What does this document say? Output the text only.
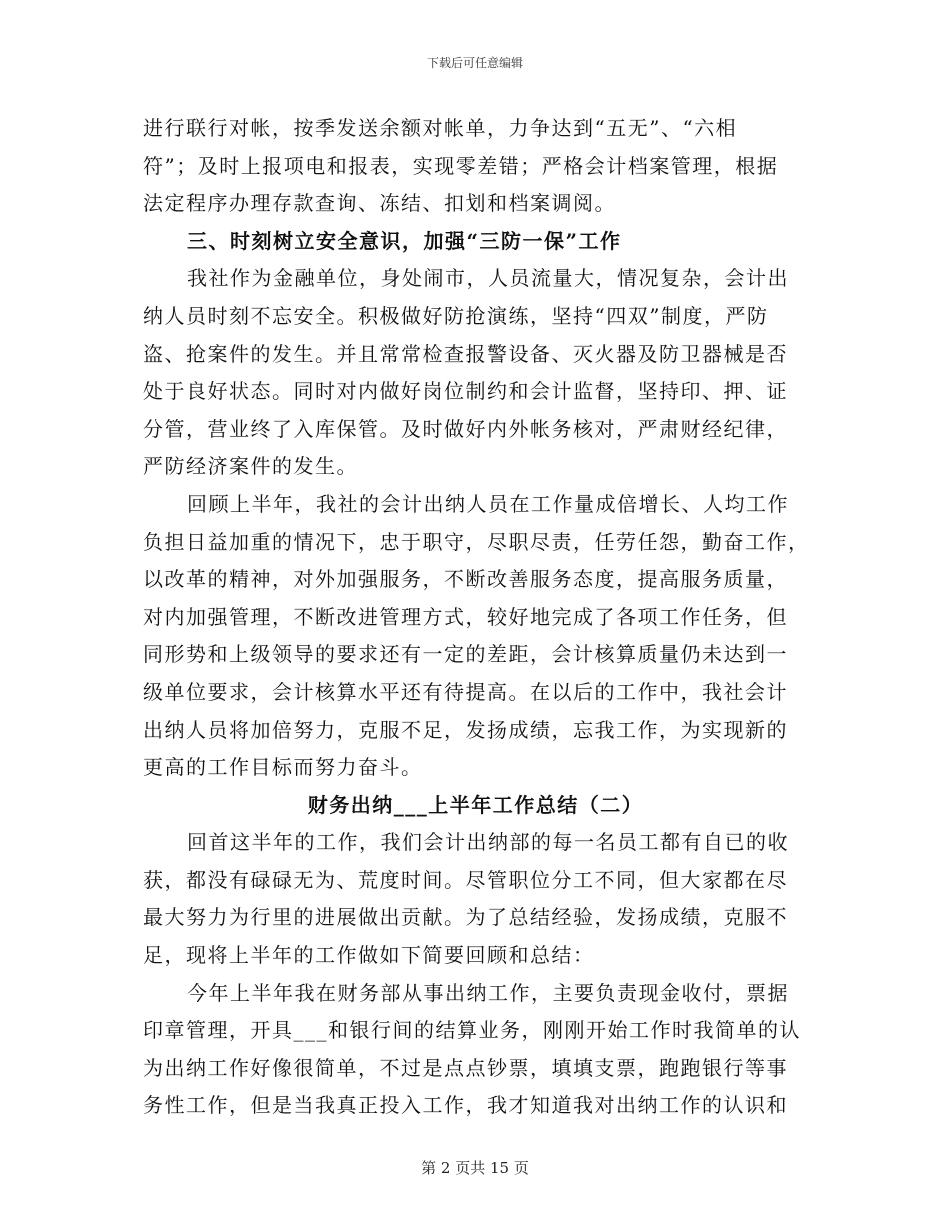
下载后可任意编辑
进行联行对帐，按季发送余额对帐单，力争达到“五无”、“六相
符”；及时上报项电和报表，实现零差错；严格会计档案管理，根据
法定程序办理存款查询、冻结、扣划和档案调阅。
三、时刻树立安全意识，加强“三防一保”工作
我社作为金融单位，身处闹市，人员流量大，情况复杂，会计出
纳人员时刻不忘安全。积极做好防抢演练，坚持“四双”制度，严防
盗、抢案件的发生。并且常常检查报警设备、灭火器及防卫器械是否
处于良好状态。同时对内做好岗位制约和会计监督，坚持印、押、证
分管，营业终了入库保管。及时做好内外帐务核对，严肃财经纪律，
严防经济案件的发生。
回顾上半年，我社的会计出纳人员在工作量成倍增长、人均工作
负担日益加重的情况下，忠于职守，尽职尽责，任劳任怨，勤奋工作，
以改革的精神，对外加强服务，不断改善服务态度，提高服务质量，
对内加强管理，不断改进管理方式，较好地完成了各项工作任务，但
同形势和上级领导的要求还有一定的差距，会计核算质量仍未达到一
级单位要求，会计核算水平还有待提高。在以后的工作中，我社会计
出纳人员将加倍努力，克服不足，发扬成绩，忘我工作，为实现新的
更高的工作目标而努力奋斗。
财务出纳___上半年工作总结（二）
回首这半年的工作，我们会计出纳部的每一名员工都有自已的收
获，都没有碌碌无为、荒度时间。尽管职位分工不同，但大家都在尽
最大努力为行里的进展做出贡献。为了总结经验，发扬成绩，克服不
足，现将上半年的工作做如下简要回顾和总结：
今年上半年我在财务部从事出纳工作，主要负责现金收付，票据
印章管理，开具___和银行间的结算业务，刚刚开始工作时我简单的认
为出纳工作好像很简单，不过是点点钞票，填填支票，跑跑银行等事
务性工作，但是当我真正投入工作，我才知道我对出纳工作的认识和
第 2 页共 15 页
